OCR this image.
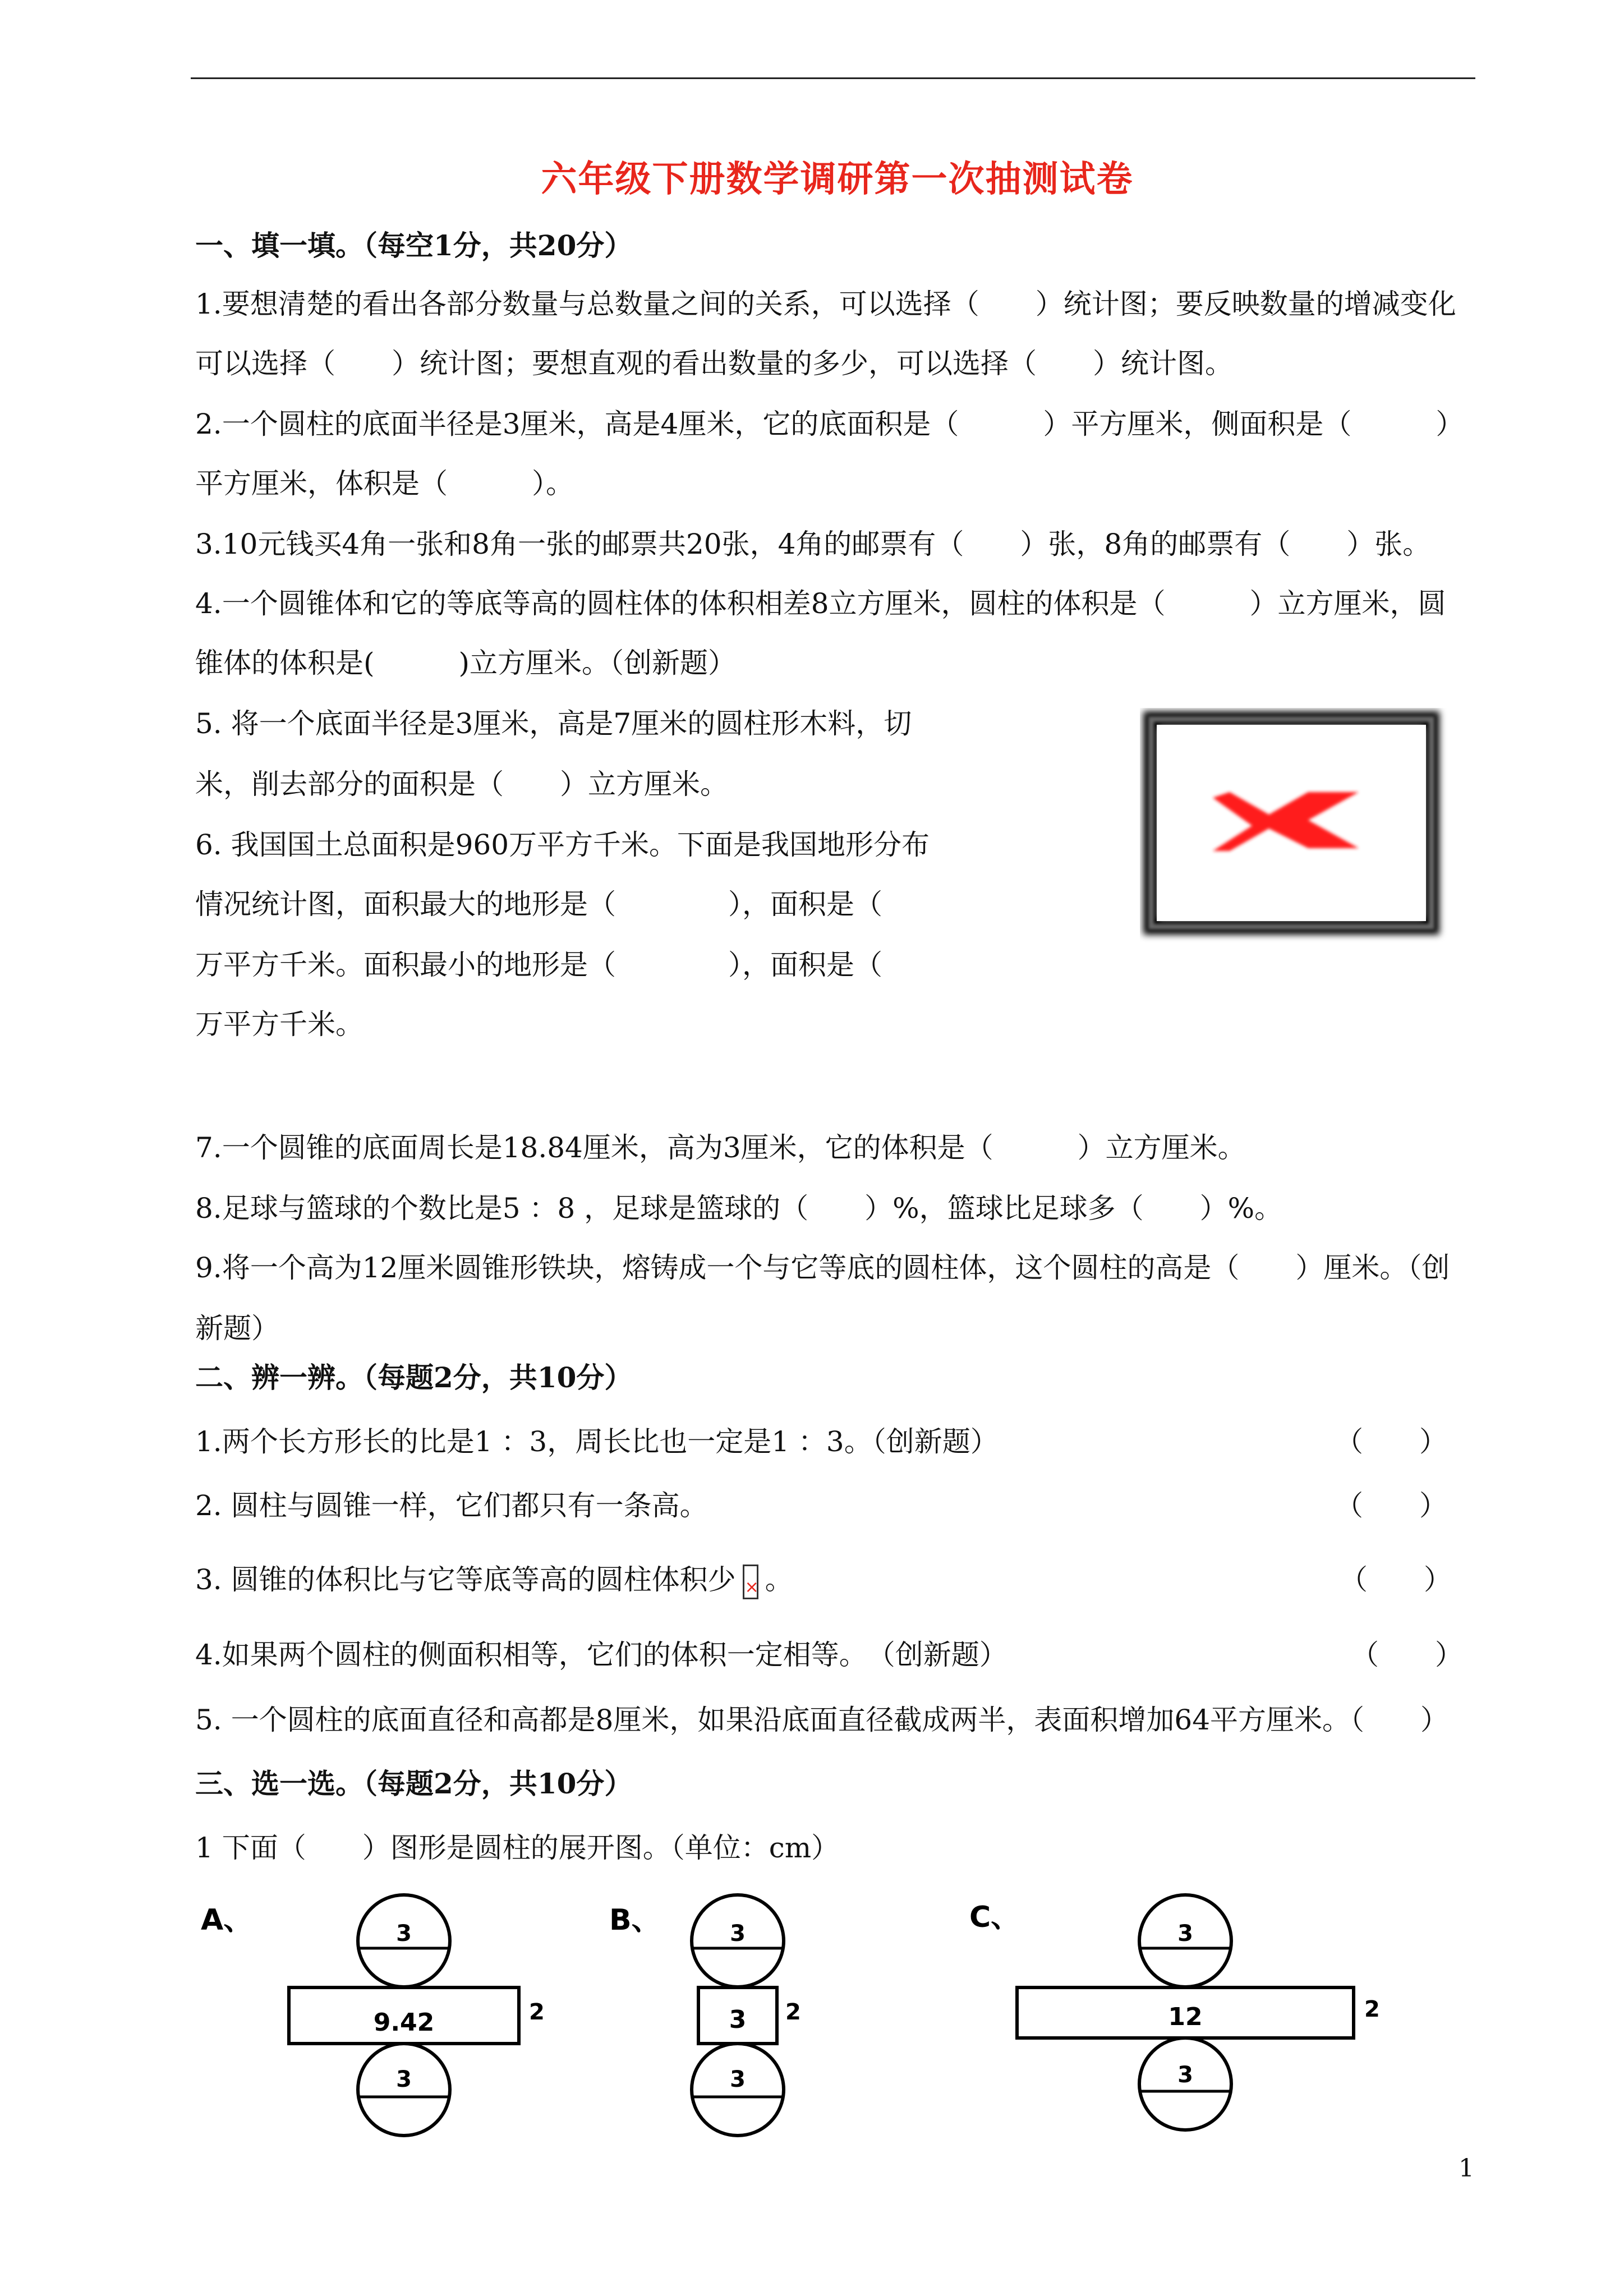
六年级下册数学调研第一次抽测试卷
一、填一填。（每空1分，共20分）
1.要想清楚的看出各部分数量与总数量之间的关系，可以选择（　　）统计图；要反映数量的增减变化
可以选择（　　）统计图；要想直观的看出数量的多少，可以选择（　　）统计图。
2.一个圆柱的底面半径是3厘米，高是4厘米，它的底面积是（　　　）平方厘米，侧面积是（　　　）
平方厘米，体积是（　　　）。
3.10元钱买4角一张和8角一张的邮票共20张，4角的邮票有（　　）张，8角的邮票有（　　）张。
4.一个圆锥体和它的等底等高的圆柱体的体积相差8立方厘米，圆柱的体积是（　　　）立方厘米，圆
锥体的体积是(　　　)立方厘米。（创新题）
5. 将一个底面半径是3厘米，高是7厘米的圆柱形木料，切
米，削去部分的面积是（　　）立方厘米。
6. 我国国土总面积是960万平方千米。下面是我国地形分布
情况统计图，面积最大的地形是（　　　　），面积是（
万平方千米。面积最小的地形是（　　　　），面积是（
万平方千米。
7.一个圆锥的底面周长是18.84厘米，高为3厘米，它的体积是（　　　）立方厘米。
8.足球与篮球的个数比是5 ：8 ，足球是篮球的（　　）%，篮球比足球多（　　）%。
9.将一个高为12厘米圆锥形铁块，熔铸成一个与它等底的圆柱体，这个圆柱的高是（　　）厘米。（创
新题）
二、辨一辨。（每题2分，共10分）
1.两个长方形长的比是1 ：3，周长比也一定是1 ：3。（创新题）	（　　）
2. 圆柱与圆锥一样，它们都只有一条高。	（　　）
3. 圆锥的体积比与它等底等高的圆柱体积少 × 。	（　　）
4.如果两个圆柱的侧面积相等，它们的体积一定相等。　（创新题）	（　　）
5. 一个圆柱的底面直径和高都是8厘米，如果沿底面直径截成两半，表面积增加64平方厘米。（　　）
三、选一选。（每题2分，共10分）
1 下面（　　）图形是圆柱的展开图。（单位：cm）
A、	3
9.42	2
3
B、	3
3 2
3
C、	3
12	2
3
1
